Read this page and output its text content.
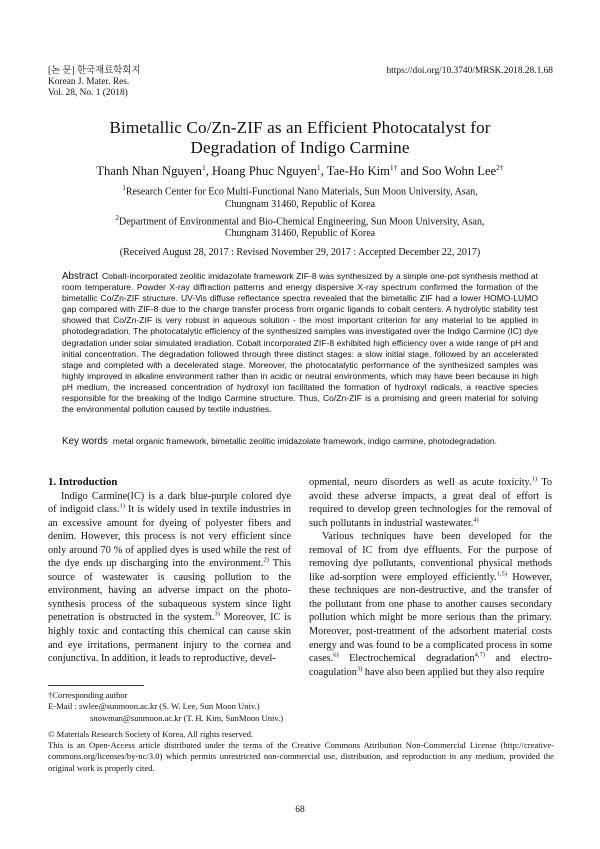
[논 문] 한국재료학회지
Korean J. Mater. Res.
Vol. 28, No. 1 (2018)
https://doi.org/10.3740/MRSK.2018.28.1.68
Bimetallic Co/Zn-ZIF as an Efficient Photocatalyst for
Degradation of Indigo Carmine
Thanh Nhan Nguyen$^1$, Hoang Phuc Nguyen$^1$, Tae-Ho Kim$^{1\dagger}$ and Soo Wohn Lee$^{2\dagger}$
$^1$Research Center for Eco Multi-Functional Nano Materials, Sun Moon University, Asan,
Chungnam 31460, Republic of Korea
$^2$Department of Environmental and Bio-Chemical Engineering, Sun Moon University, Asan,
Chungnam 31460, Republic of Korea
(Received August 28, 2017 : Revised November 29, 2017 : Accepted December 22, 2017)
Abstract Cobalt-incorporated zeolitic imidazolate framework ZIF-8 was synthesized by a simple one-pot synthesis method at room temperature. Powder X-ray diffraction patterns and energy dispersive X-ray spectrum confirmed the formation of the bimetallic Co/Zn-ZIF structure. UV-Vis diffuse reflectance spectra revealed that the bimetallic ZIF had a lower HOMO-LUMO gap compared with ZIF-8 due to the charge transfer process from organic ligands to cobalt centers. A hydrolytic stability test showed that Co/Zn-ZIF is very robust in aqueous solution - the most important criterion for any material to be applied in photodegradation. The photocatalytic efficiency of the synthesized samples was investigated over the Indigo Carmine (IC) dye degradation under solar simulated irradiation. Cobalt incorporated ZIF-8 exhibited high efficiency over a wide range of pH and initial concentration. The degradation followed through three distinct stages: a slow initial stage, followed by an accelerated stage and completed with a decelerated stage. Moreover, the photocatalytic performance of the synthesized samples was highly improved in alkaline environment rather than in acidic or neutral environments, which may have been because in high pH medium, the increased concentration of hydroxyl ion facilitated the formation of hydroxyl radicals, a reactive species responsible for the breaking of the Indigo Carmine structure. Thus, Co/Zn-ZIF is a promising and green material for solving the environmental pollution caused by textile industries.
Key words metal organic framework, bimetallic zeolitic imidazolate framework, indigo carmine, photodegradation.

1. Introduction

Indigo Carmine(IC) is a dark blue-purple colored dye of indigoid class.$^{1)}$ It is widely used in textile industries in an excessive amount for dyeing of polyester fibers and denim. However, this process is not very efficient since only around 70 % of applied dyes is used while the rest of the dye ends up discharging into the environment.$^{2)}$ This source of wastewater is causing pollution to the environment, having an adverse impact on the photo-synthesis process of the subaqueous system since light penetration is obstructed in the system.$^{3)}$ Moreover, IC is highly toxic and contacting this chemical can cause skin and eye irritations, permanent injury to the cornea and conjunctiva. In addition, it leads to reproductive, devel-

opmental, neuro disorders as well as acute toxicity.$^{1)}$ To avoid these adverse impacts, a great deal of effort is required to develop green technologies for the removal of such pollutants in industrial wastewater.$^{4)}$

Various techniques have been developed for the removal of IC from dye effluents. For the purpose of removing dye pollutants, conventional physical methods like ad-sorption were employed efficiently.$^{1,5)}$ However, these techniques are non-destructive, and the transfer of the pollutant from one phase to another causes secondary pollution which might be more serious than the primary. Moreover, post-treatment of the adsorbent material costs energy and was found to be a complicated process in some cases.$^{6)}$ Electrochemical degradation$^{4,7)}$ and electro-coagulation$^{3)}$ have also been applied but they also require

†Corresponding author
E-Mail : swlee@sunmoon.ac.kr (S. W. Lee, Sun Moon Univ.)
snowman@sunmoon.ac.kr (T. H. Kim, SunMoon Univ.)
© Materials Research Society of Korea, All rights reserved.
This is an Open-Access article distributed under the terms of the Creative Commons Attribution Non-Commercial License (http://creative-commons.org/licenses/by-nc/3.0) which permits unrestricted non-commercial use, distribution, and reproduction in any medium, provided the original work is properly cited.
68
